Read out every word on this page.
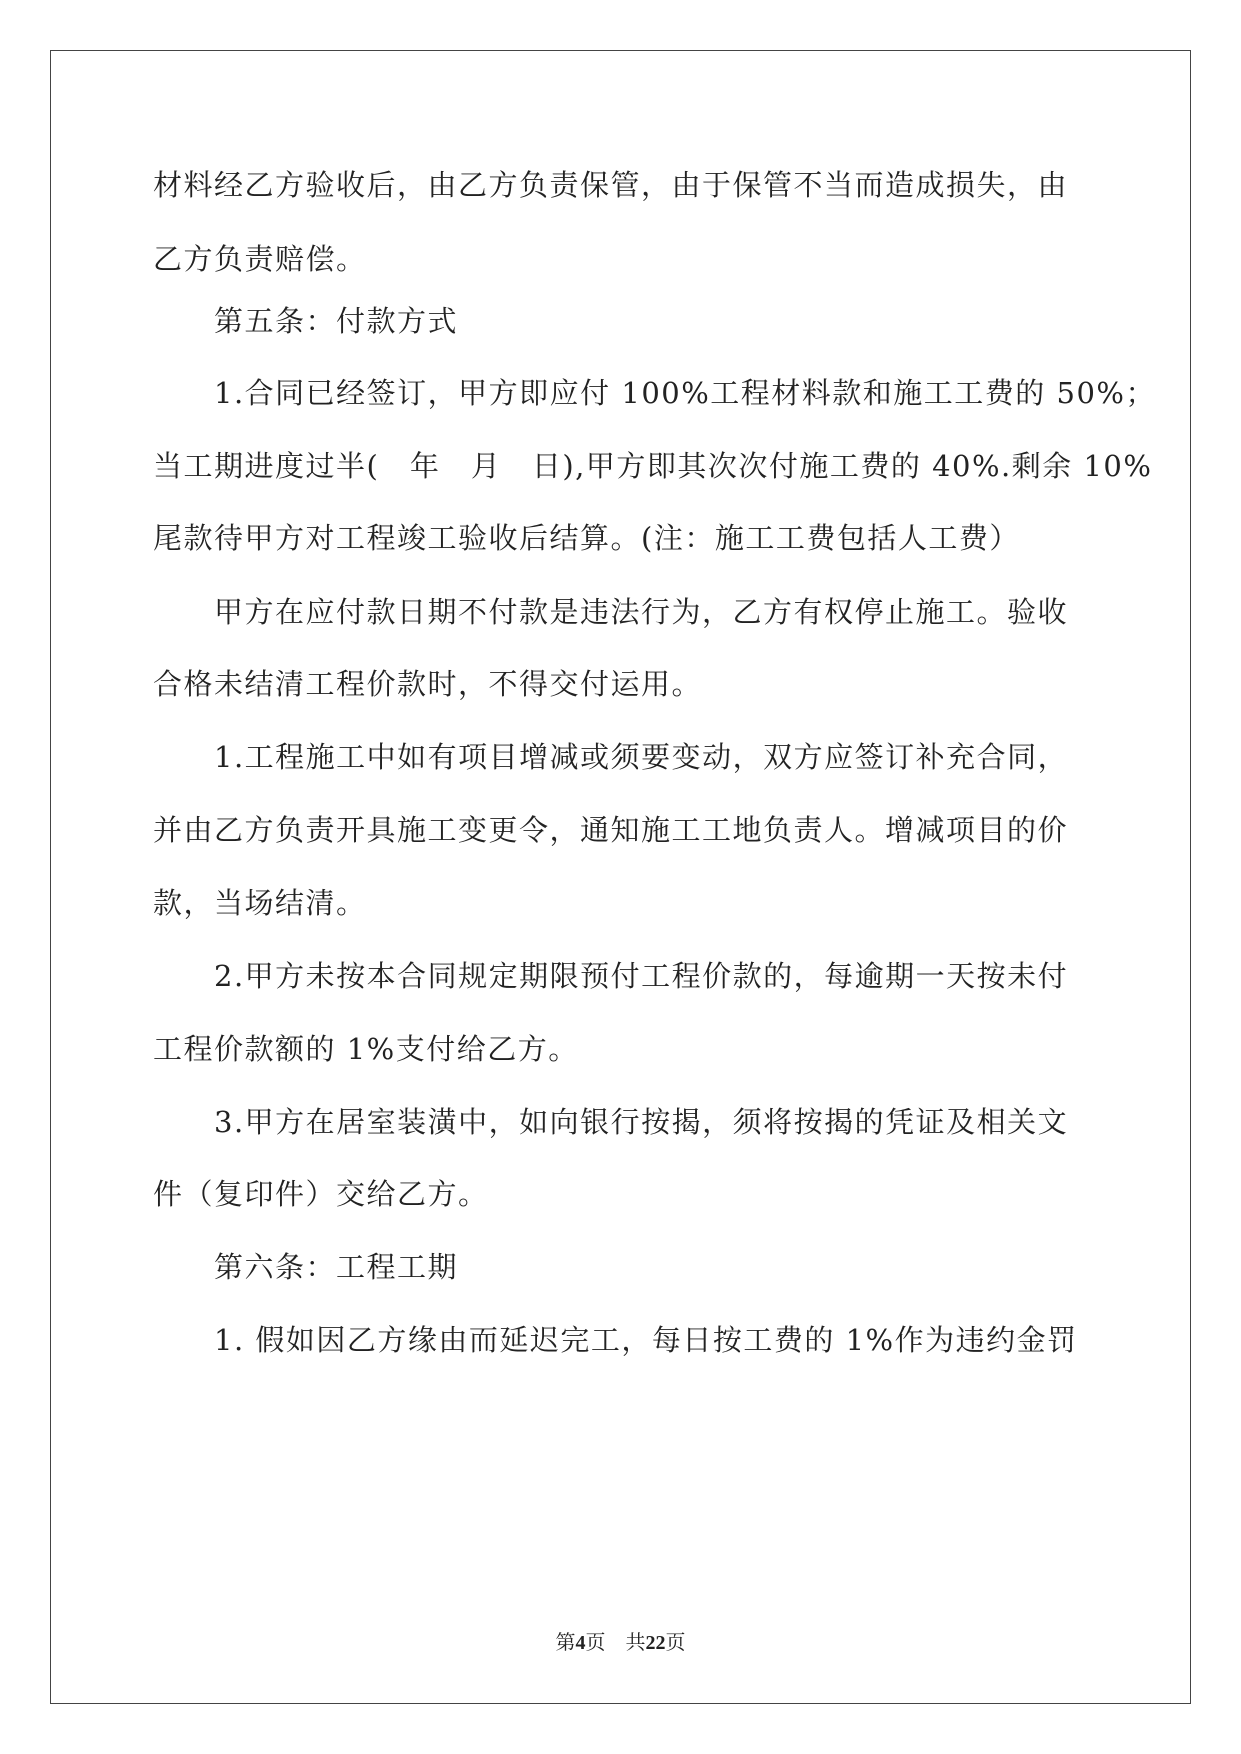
材料经乙方验收后，由乙方负责保管，由于保管不当而造成损失，由
乙方负责赔偿。
第五条：付款方式
1.合同已经签订，甲方即应付 100%工程材料款和施工工费的 50%；
当工期进度过半(　年　月　日),甲方即其次次付施工费的 40%.剩余 10%
尾款待甲方对工程竣工验收后结算。(注：施工工费包括人工费）
甲方在应付款日期不付款是违法行为，乙方有权停止施工。验收
合格未结清工程价款时，不得交付运用。
1.工程施工中如有项目增减或须要变动，双方应签订补充合同，
并由乙方负责开具施工变更令，通知施工工地负责人。增减项目的价
款，当场结清。
2.甲方未按本合同规定期限预付工程价款的，每逾期一天按未付
工程价款额的 1%支付给乙方。
3.甲方在居室装潢中，如向银行按揭，须将按揭的凭证及相关文
件（复印件）交给乙方。
第六条：工程工期
1. 假如因乙方缘由而延迟完工，每日按工费的 1%作为违约金罚
第4页 共22页
